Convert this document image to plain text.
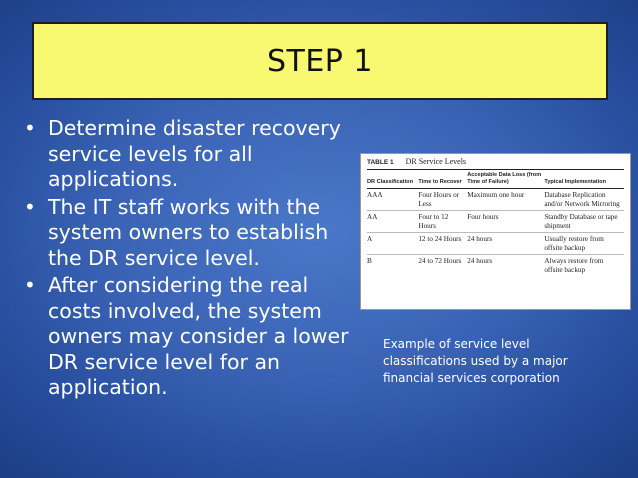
STEP 1
• Determine disaster recovery service levels for all applications.
• The IT staff works with the system owners to establish the DR service level.
• After considering the real costs involved, the system owners may consider a lower DR service level for an application.
TABLE 1 DR Service Levels
DR Classification	Time to Recover	Acceptable Data Loss (from Time of Failure)	Typical Implementation
AAA	Four Hours or Less	Maximum one hour	Database Replication and/or Network Mirroring
AA	Four to 12 Hours	Four hours	Standby Database or tape shipment
A	12 to 24 Hours	24 hours	Usually restore from offsite backup
B	24 to 72 Hours	24 hours	Always restore from offsite backup
Example of service level classifications used by a major financial services corporation
